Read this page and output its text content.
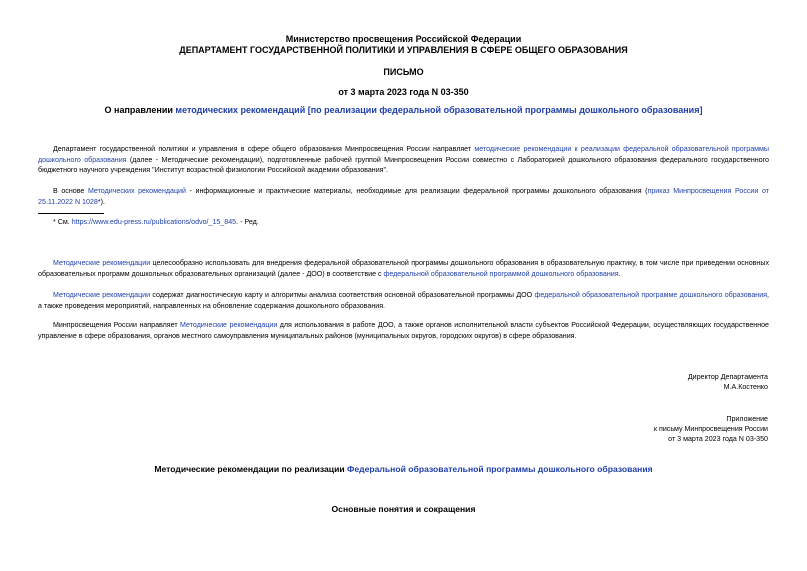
Министерство просвещения Российской Федерации
ДЕПАРТАМЕНТ ГОСУДАРСТВЕННОЙ ПОЛИТИКИ И УПРАВЛЕНИЯ В СФЕРЕ ОБЩЕГО ОБРАЗОВАНИЯ
ПИСЬМО
от 3 марта 2023 года N 03-350
О направлении методических рекомендаций [по реализации федеральной образовательной программы дошкольного образования]
Департамент государственной политики и управления в сфере общего образования Минпросвещения России направляет методические рекомендации к реализации федеральной образовательной программы дошкольного образования (далее - Методические рекомендации), подготовленные рабочей группой Минпросвещения России совместно с Лабораторией дошкольного образования федерального государственного бюджетного научного учреждения "Институт возрастной физиологии Российской академии образования".
В основе Методических рекомендаций - информационные и практические материалы, необходимые для реализации федеральной программы дошкольного образования (приказ Минпросвещения России от 25.11.2022 N 1028*).
* См. https://www.edu-press.ru/publications/odvo/_15_845. - Ред.
Методические рекомендации целесообразно использовать для внедрения федеральной образовательной программы дошкольного образования в образовательную практику, в том числе при приведении основных образовательных программ дошкольных образовательных организаций (далее - ДОО) в соответствие с федеральной образовательной программой дошкольного образования.
Методические рекомендации содержат диагностическую карту и алгоритмы анализа соответствия основной образовательной программы ДОО федеральной образовательной программе дошкольного образования, а также проведения мероприятий, направленных на обновление содержания дошкольного образования.
Минпросвещения России направляет Методические рекомендации для использования в работе ДОО, а также органов исполнительной власти субъектов Российской Федерации, осуществляющих государственное управление в сфере образования, органов местного самоуправления муниципальных районов (муниципальных округов, городских округов) в сфере образования.
Директор Департамента
М.А.Костенко
Приложение
к письму Минпросвещения России
от 3 марта 2023 года N 03-350
Методические рекомендации по реализации Федеральной образовательной программы дошкольного образования
Основные понятия и сокращения
